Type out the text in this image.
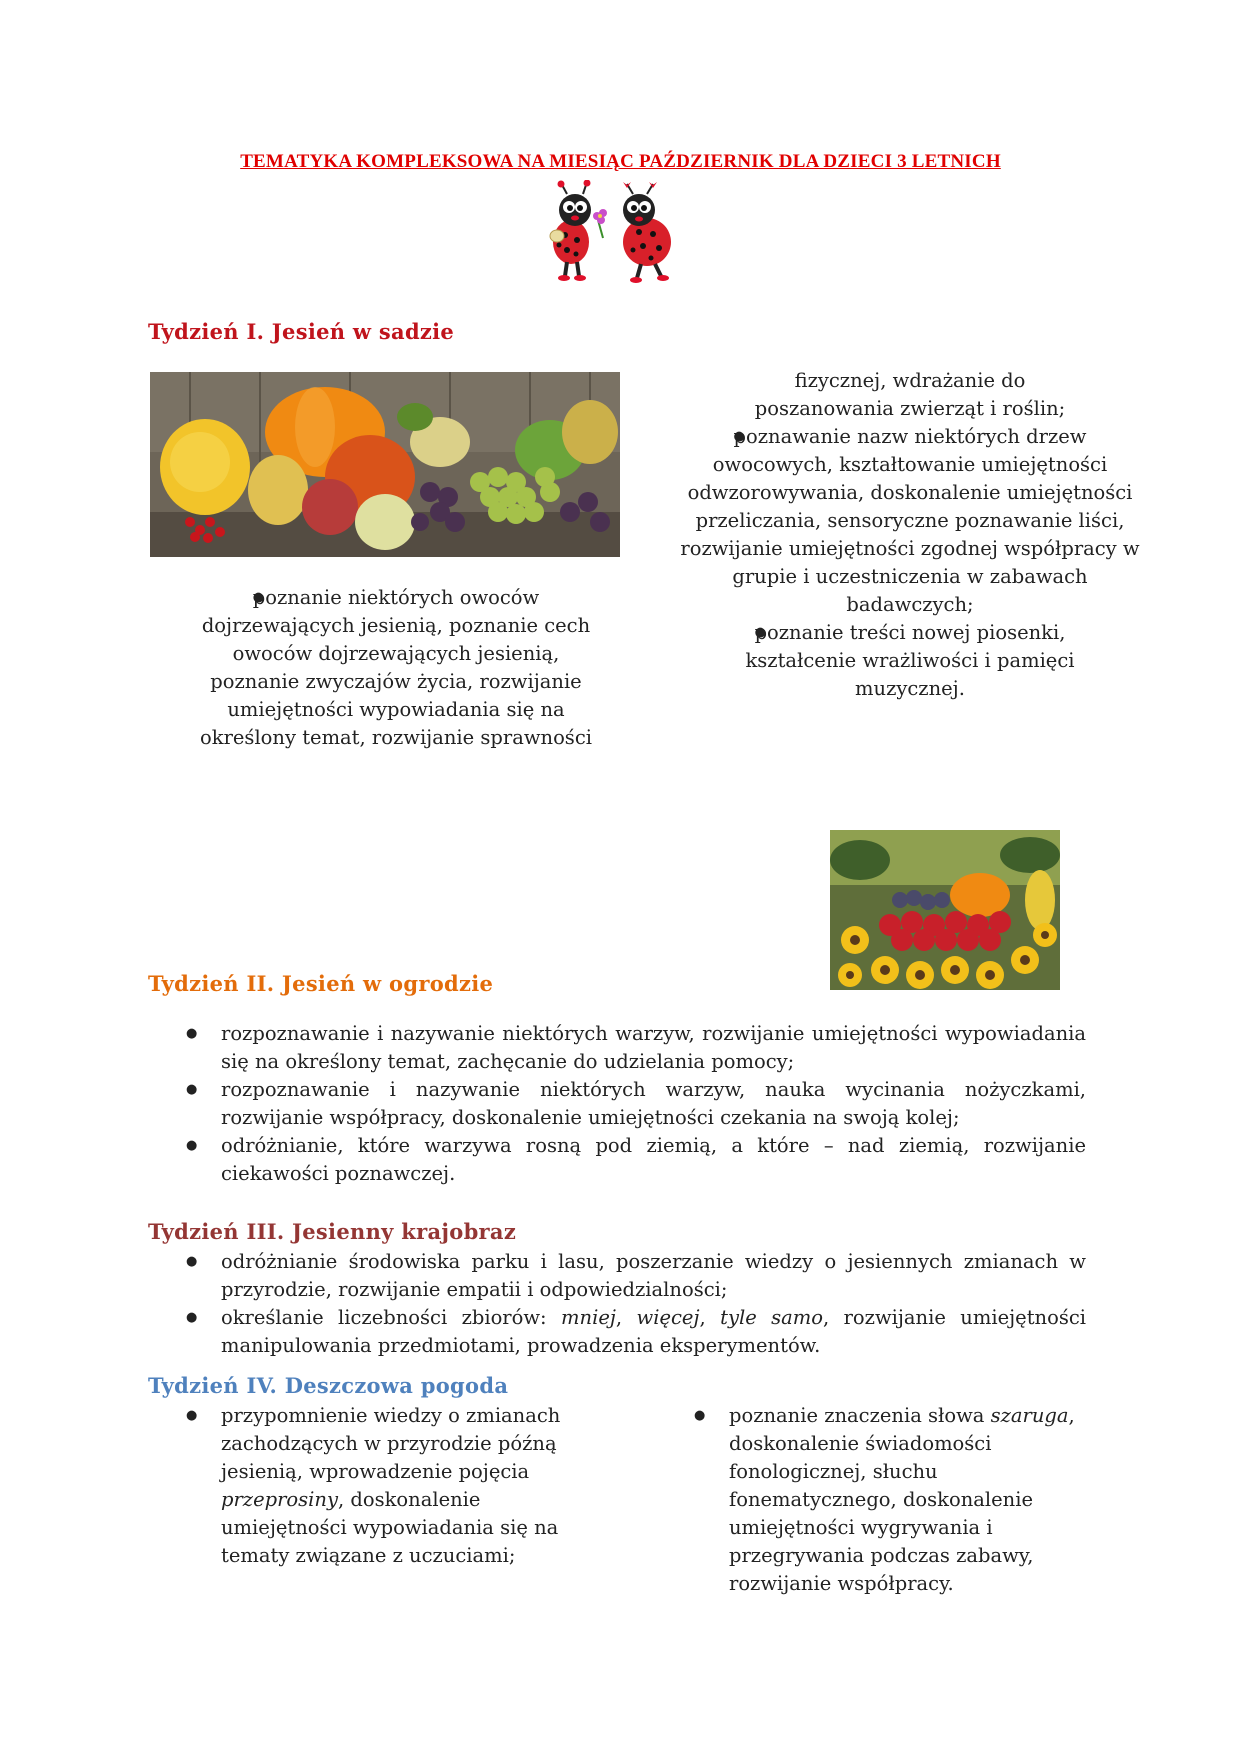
TEMATYKA KOMPLEKSOWA NA MIESIĄC PAŹDZIERNIK DLA DZIECI 3 LETNICH
Tydzień I. Jesień w sadzie
● poznanie niektórych owoców dojrzewających jesienią, poznanie cech owoców dojrzewających jesienią, poznanie zwyczajów życia, rozwijanie umiejętności wypowiadania się na określony temat, rozwijanie sprawności
fizycznej, wdrażanie do poszanowania zwierząt i roślin;
● poznawanie nazw niektórych drzew owocowych, kształtowanie umiejętności odwzorowywania, doskonalenie umiejętności przeliczania, sensoryczne poznawanie liści, rozwijanie umiejętności zgodnej współpracy w grupie i uczestniczenia w zabawach badawczych;
● poznanie treści nowej piosenki, kształcenie wrażliwości i pamięci muzycznej.
Tydzień II. Jesień w ogrodzie
● rozpoznawanie i nazywanie niektórych warzyw, rozwijanie umiejętności wypowiadania się na określony temat, zachęcanie do udzielania pomocy;
● rozpoznawanie i nazywanie niektórych warzyw, nauka wycinania nożyczkami, rozwijanie współpracy, doskonalenie umiejętności czekania na swoją kolej;
● odróżnianie, które warzywa rosną pod ziemią, a które – nad ziemią, rozwijanie ciekawości poznawczej.
Tydzień III. Jesienny krajobraz
● odróżnianie środowiska parku i lasu, poszerzanie wiedzy o jesiennych zmianach w przyrodzie, rozwijanie empatii i odpowiedzialności;
● określanie liczebności zbiorów: mniej, więcej, tyle samo, rozwijanie umiejętności manipulowania przedmiotami, prowadzenia eksperymentów.
Tydzień IV. Deszczowa pogoda
● przypomnienie wiedzy o zmianach zachodzących w przyrodzie późną jesienią, wprowadzenie pojęcia przeprosiny, doskonalenie umiejętności wypowiadania się na tematy związane z uczuciami;
● poznanie znaczenia słowa szaruga, doskonalenie świadomości fonologicznej, słuchu fonematycznego, doskonalenie umiejętności wygrywania i przegrywania podczas zabawy, rozwijanie współpracy.
